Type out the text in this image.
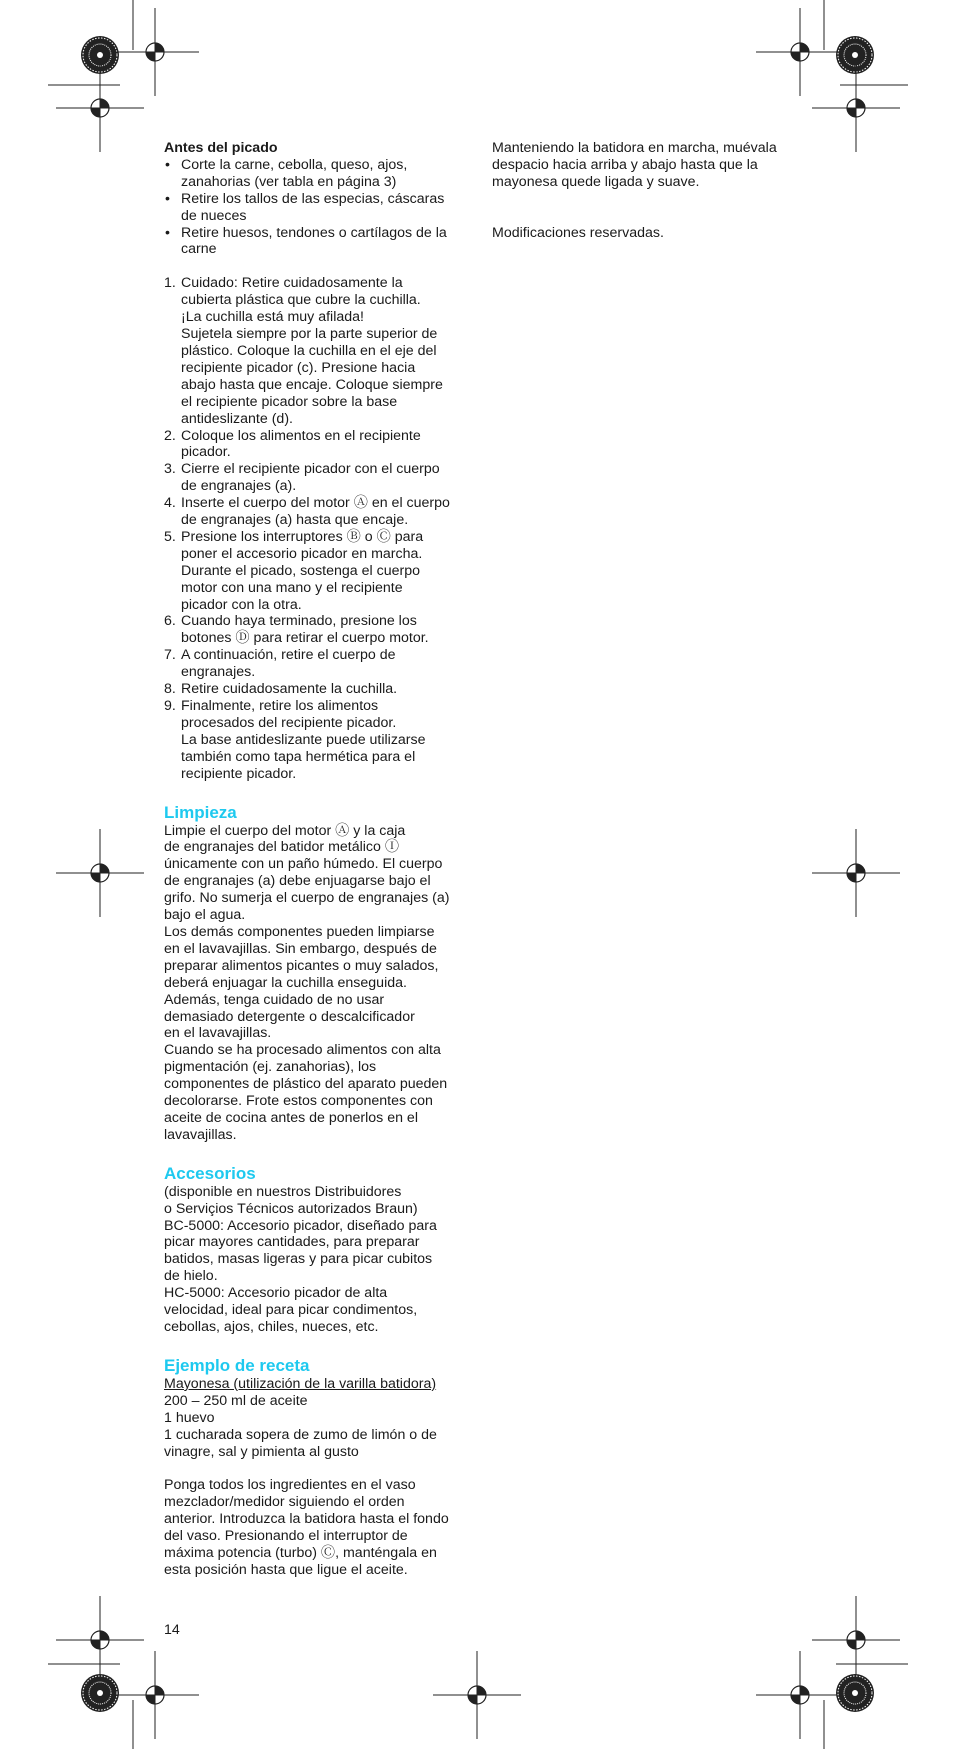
Antes del picado

• Corte la carne, cebolla, queso, ajos, zanahorias (ver tabla en página 3)
• Retire los tallos de las especias, cáscaras de nueces
• Retire huesos, tendones o cartílagos de la carne
1. Cuidado: Retire cuidadosamente la
cubierta plástica que cubre la cuchilla.
¡La cuchilla está muy afilada!
Sujetela siempre por la parte superior de
plástico. Coloque la cuchilla en el eje del
recipiente picador (c). Presione hacia
abajo hasta que encaje. Coloque siempre
el recipiente picador sobre la base
antideslizante (d).
2. Coloque los alimentos en el recipiente
picador.
3. Cierre el recipiente picador con el cuerpo
de engranajes (a).
4. Inserte el cuerpo del motor Ⓐ en el cuerpo
de engranajes (a) hasta que encaje.
5. Presione los interruptores Ⓑ o Ⓒ para
poner el accesorio picador en marcha.
Durante el picado, sostenga el cuerpo
motor con una mano y el recipiente
picador con la otra.
6. Cuando haya terminado, presione los
botones Ⓓ para retirar el cuerpo motor.
7. A continuación, retire el cuerpo de
engranajes.
8. Retire cuidadosamente la cuchilla.
9. Finalmente, retire los alimentos
procesados del recipiente picador.
La base antideslizante puede utilizarse
también como tapa hermética para el
recipiente picador.
Limpieza
Limpie el cuerpo del motor Ⓐ y la caja
de engranajes del batidor metálico Ⓘ
únicamente con un paño húmedo. El cuerpo
de engranajes (a) debe enjuagarse bajo el
grifo. No sumerja el cuerpo de engranajes (a)
bajo el agua.
Los demás componentes pueden limpiarse
en el lavavajillas. Sin embargo, después de
preparar alimentos picantes o muy salados,
deberá enjuagar la cuchilla enseguida.
Además, tenga cuidado de no usar
demasiado detergente o descalcificador
en el lavavajillas.
Cuando se ha procesado alimentos con alta
pigmentación (ej. zanahorias), los
componentes de plástico del aparato pueden
decolorarse. Frote estos componentes con
aceite de cocina antes de ponerlos en el
lavavajillas.
Accesorios
(disponible en nuestros Distribuidores
o Serviçios Técnicos autorizados Braun)
BC-5000: Accesorio picador, diseñado para
picar mayores cantidades, para preparar
batidos, masas ligeras y para picar cubitos
de hielo.
HC-5000: Accesorio picador de alta
velocidad, ideal para picar condimentos,
cebollas, ajos, chiles, nueces, etc.
Ejemplo de receta

Mayonesa (utilización de la varilla batidora)

200 – 250 ml de aceite
1 huevo
1 cucharada sopera de zumo de limón o de
vinagre, sal y pimienta al gusto
Ponga todos los ingredientes en el vaso
mezclador/medidor siguiendo el orden
anterior. Introduzca la batidora hasta el fondo
del vaso. Presionando el interruptor de
máxima potencia (turbo) Ⓒ, manténgala en
esta posición hasta que ligue el aceite.
Manteniendo la batidora en marcha, muévala
despacio hacia arriba y abajo hasta que la
mayonesa quede ligada y suave.

Modificaciones reservadas.

14
